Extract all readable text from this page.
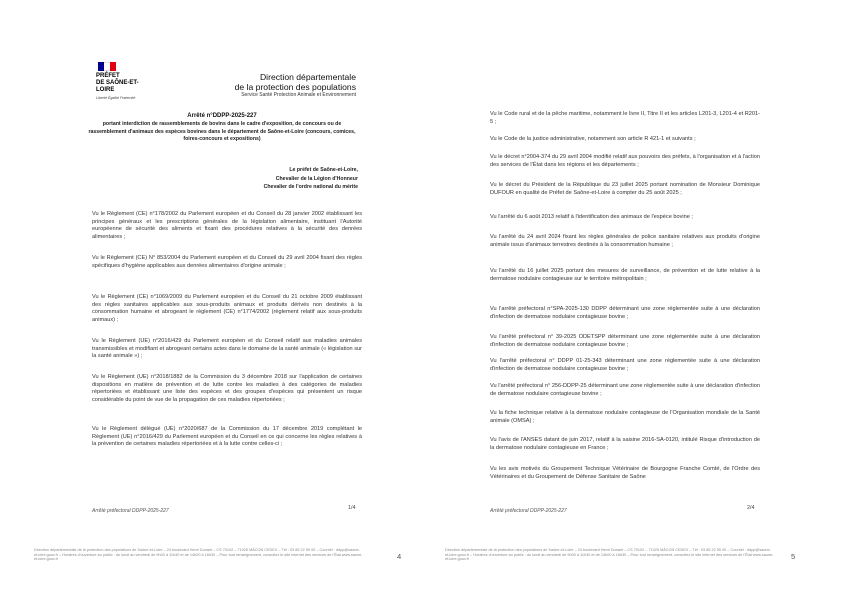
PRÉFET
DE SAÔNE-ET-LOIRE
Liberté Égalité Fraternité
Direction départementale
de la protection des populations
Service Santé Protection Animale et Environnement
Arrêté n°DDPP-2025-227
portant interdiction de rassemblements de bovins dans le cadre d'exposition, de concours ou de rassemblement d'animaux des espèces bovines dans le département de Saône-et-Loire (concours, comices, foires-concours et expositions)
Le préfet de Saône-et-Loire,
Chevalier de la Légion d'Honneur
Chevalier de l'ordre national du mérite

Vu le Règlement (CE) n°178/2002 du Parlement européen et du Conseil du 28 janvier 2002 établissant les principes généraux et les prescriptions générales de la législation alimentaire, instituant l'Autorité européenne de sécurité des aliments et fixant des procédures relatives à la sécurité des denrées alimentaires ;

Vu le Règlement (CE) N° 853/2004 du Parlement européen et du Conseil du 29 avril 2004 fixant des règles spécifiques d'hygiène applicables aux denrées alimentaires d'origine animale ;

Vu le Règlement (CE) n°1069/2009 du Parlement européen et du Conseil du 21 octobre 2009 établissant des règles sanitaires applicables aux sous-produits animaux et produits dérivés non destinés à la consommation humaine et abrogeant le règlement (CE) n°1774/2002 (règlement relatif aux sous-produits animaux) ;

Vu le Règlement (UE) n°2016/429 du Parlement européen et du Conseil relatif aux maladies animales transmissibles et modifiant et abrogeant certains actes dans le domaine de la santé animale (« législation sur la santé animale ») ;

Vu le Règlement (UE) n°2018/1882 de la Commission du 3 décembre 2018 sur l'application de certaines dispositions en matière de prévention et de lutte contre les maladies à des catégories de maladies répertoriées et établissant une liste des espèces et des groupes d'espèces qui présentent un risque considérable du point de vue de la propagation de ces maladies répertoriées ;

Vu le Règlement délégué (UE) n°2020/687 de la Commission du 17 décembre 2019 complétant le Règlement (UE) n°2016/429 du Parlement européen et du Conseil en ce qui concerne les règles relatives à la prévention de certaines maladies répertoriées et à la lutte contre celles-ci ;

Arrêté préfectoral DDPP-2025-227	1/4
Direction départementale de la protection des populations de Saône-et-Loire – 24 boulevard Henri Dunant – CS 70102 – 71025 MÂCON CEDEX – Tél : 03 85 22 55 00 – Courriel : ddpp@saone-et-loire.gouv.fr – Horaires d'ouverture au public : du lundi au vendredi de 9h00 à 11h30 et de 14h00 à 16h30 – Pour tout renseignement, consultez le site internet des services de l'État www.saone-et-loire.gouv.fr	4

Vu le Code rural et de la pêche maritime, notamment le livre II, Titre II et les articles L201-3, L201-4 et R201-5 ;

Vu le Code de la justice administrative, notamment son article R 421-1 et suivants ;

Vu le décret n°2004-374 du 29 avril 2004 modifié relatif aux pouvoirs des préfets, à l'organisation et à l'action des services de l'État dans les régions et les départements ;

Vu le décret du Président de la République du 23 juillet 2025 portant nomination de Monsieur Dominique DUFOUR en qualité de Préfet de Saône-et-Loire à compter du 25 août 2025 ;

Vu l'arrêté du 6 août 2013 relatif à l'identification des animaux de l'espèce bovine ;

Vu l'arrêté du 24 avril 2024 fixant les règles générales de police sanitaire relatives aux produits d'origine animale issus d'animaux terrestres destinés à la consommation humaine ;

Vu l'arrêté du 16 juillet 2025 portant des mesures de surveillance, de prévention et de lutte relative à la dermatose nodulaire contagieuse sur le territoire métropolitain ;

Vu l'arrêté préfectoral n°SPA-2025-130 DDPP déterminant une zone réglementée suite à une déclaration d'infection de dermatose nodulaire contagieuse bovine ;

Vu l'arrêté préfectoral n° 39-2025 DDETSPP déterminant une zone réglementée suite à une déclaration d'infection de dermatose nodulaire contagieuse bovine ;

Vu l'arrêté préfectoral n° DDPP 01-25-343 déterminant une zone réglementée suite à une déclaration d'infection de dermatose nodulaire contagieuse bovine ;

Vu l'arrêté préfectoral n° 256-DDPP-25 déterminant une zone réglementée suite à une déclaration d'infection de dermatose nodulaire contagieuse bovine ;

Vu la fiche technique relative à la dermatose nodulaire contagieuse de l'Organisation mondiale de la Santé animale (OMSA) ;

Vu l'avis de l'ANSES datant de juin 2017, relatif à la saisine 2016-SA-0120, intitulé Risque d'introduction de la dermatose nodulaire contagieuse en France ;

Vu les avis motivés du Groupement Technique Vétérinaire de Bourgogne Franche Comté, de l'Ordre des Vétérinaires et du Groupement de Défense Sanitaire de Saône

Arrêté préfectoral DDPP-2025-227	2/4
Direction départementale de la protection des populations de Saône-et-Loire – 24 boulevard Henri Dunant – CS 70102 – 71025 MÂCON CEDEX – Tél : 03 85 22 55 00 – Courriel : ddpp@saone-et-loire.gouv.fr – Horaires d'ouverture au public : du lundi au vendredi de 9h00 à 11h30 et de 14h00 à 16h30 – Pour tout renseignement, consultez le site internet des services de l'État www.saone-et-loire.gouv.fr	5
